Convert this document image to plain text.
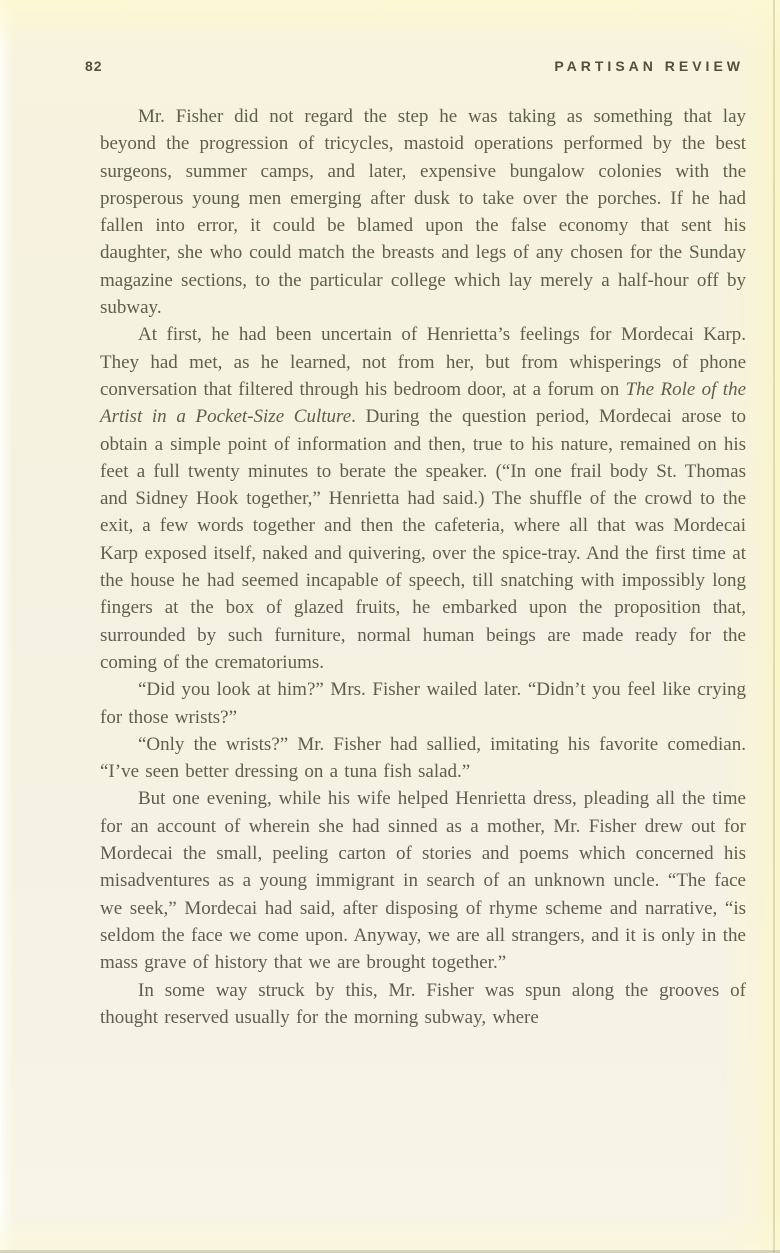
82	PARTISAN REVIEW

Mr. Fisher did not regard the step he was taking as something that lay beyond the progression of tricycles, mastoid operations performed by the best surgeons, summer camps, and later, expensive bungalow colonies with the prosperous young men emerging after dusk to take over the porches. If he had fallen into error, it could be blamed upon the false economy that sent his daughter, she who could match the breasts and legs of any chosen for the Sunday magazine sections, to the particular college which lay merely a half-hour off by subway.

At first, he had been uncertain of Henrietta’s feelings for Mordecai Karp. They had met, as he learned, not from her, but from whisperings of phone conversation that filtered through his bedroom door, at a forum on The Role of the Artist in a Pocket-Size Culture. During the question period, Mordecai arose to obtain a simple point of information and then, true to his nature, remained on his feet a full twenty minutes to berate the speaker. (“In one frail body St. Thomas and Sidney Hook together,” Henrietta had said.) The shuffle of the crowd to the exit, a few words together and then the cafeteria, where all that was Mordecai Karp exposed itself, naked and quivering, over the spice-tray. And the first time at the house he had seemed incapable of speech, till snatching with impossibly long fingers at the box of glazed fruits, he embarked upon the proposition that, surrounded by such furniture, normal human beings are made ready for the coming of the crematoriums.

“Did you look at him?” Mrs. Fisher wailed later. “Didn’t you feel like crying for those wrists?”

“Only the wrists?” Mr. Fisher had sallied, imitating his favorite comedian. “I’ve seen better dressing on a tuna fish salad.”

But one evening, while his wife helped Henrietta dress, pleading all the time for an account of wherein she had sinned as a mother, Mr. Fisher drew out for Mordecai the small, peeling carton of stories and poems which concerned his misadventures as a young immigrant in search of an unknown uncle. “The face we seek,” Mordecai had said, after disposing of rhyme scheme and narrative, “is seldom the face we come upon. Anyway, we are all strangers, and it is only in the mass grave of history that we are brought together.”

In some way struck by this, Mr. Fisher was spun along the grooves of thought reserved usually for the morning subway, where
